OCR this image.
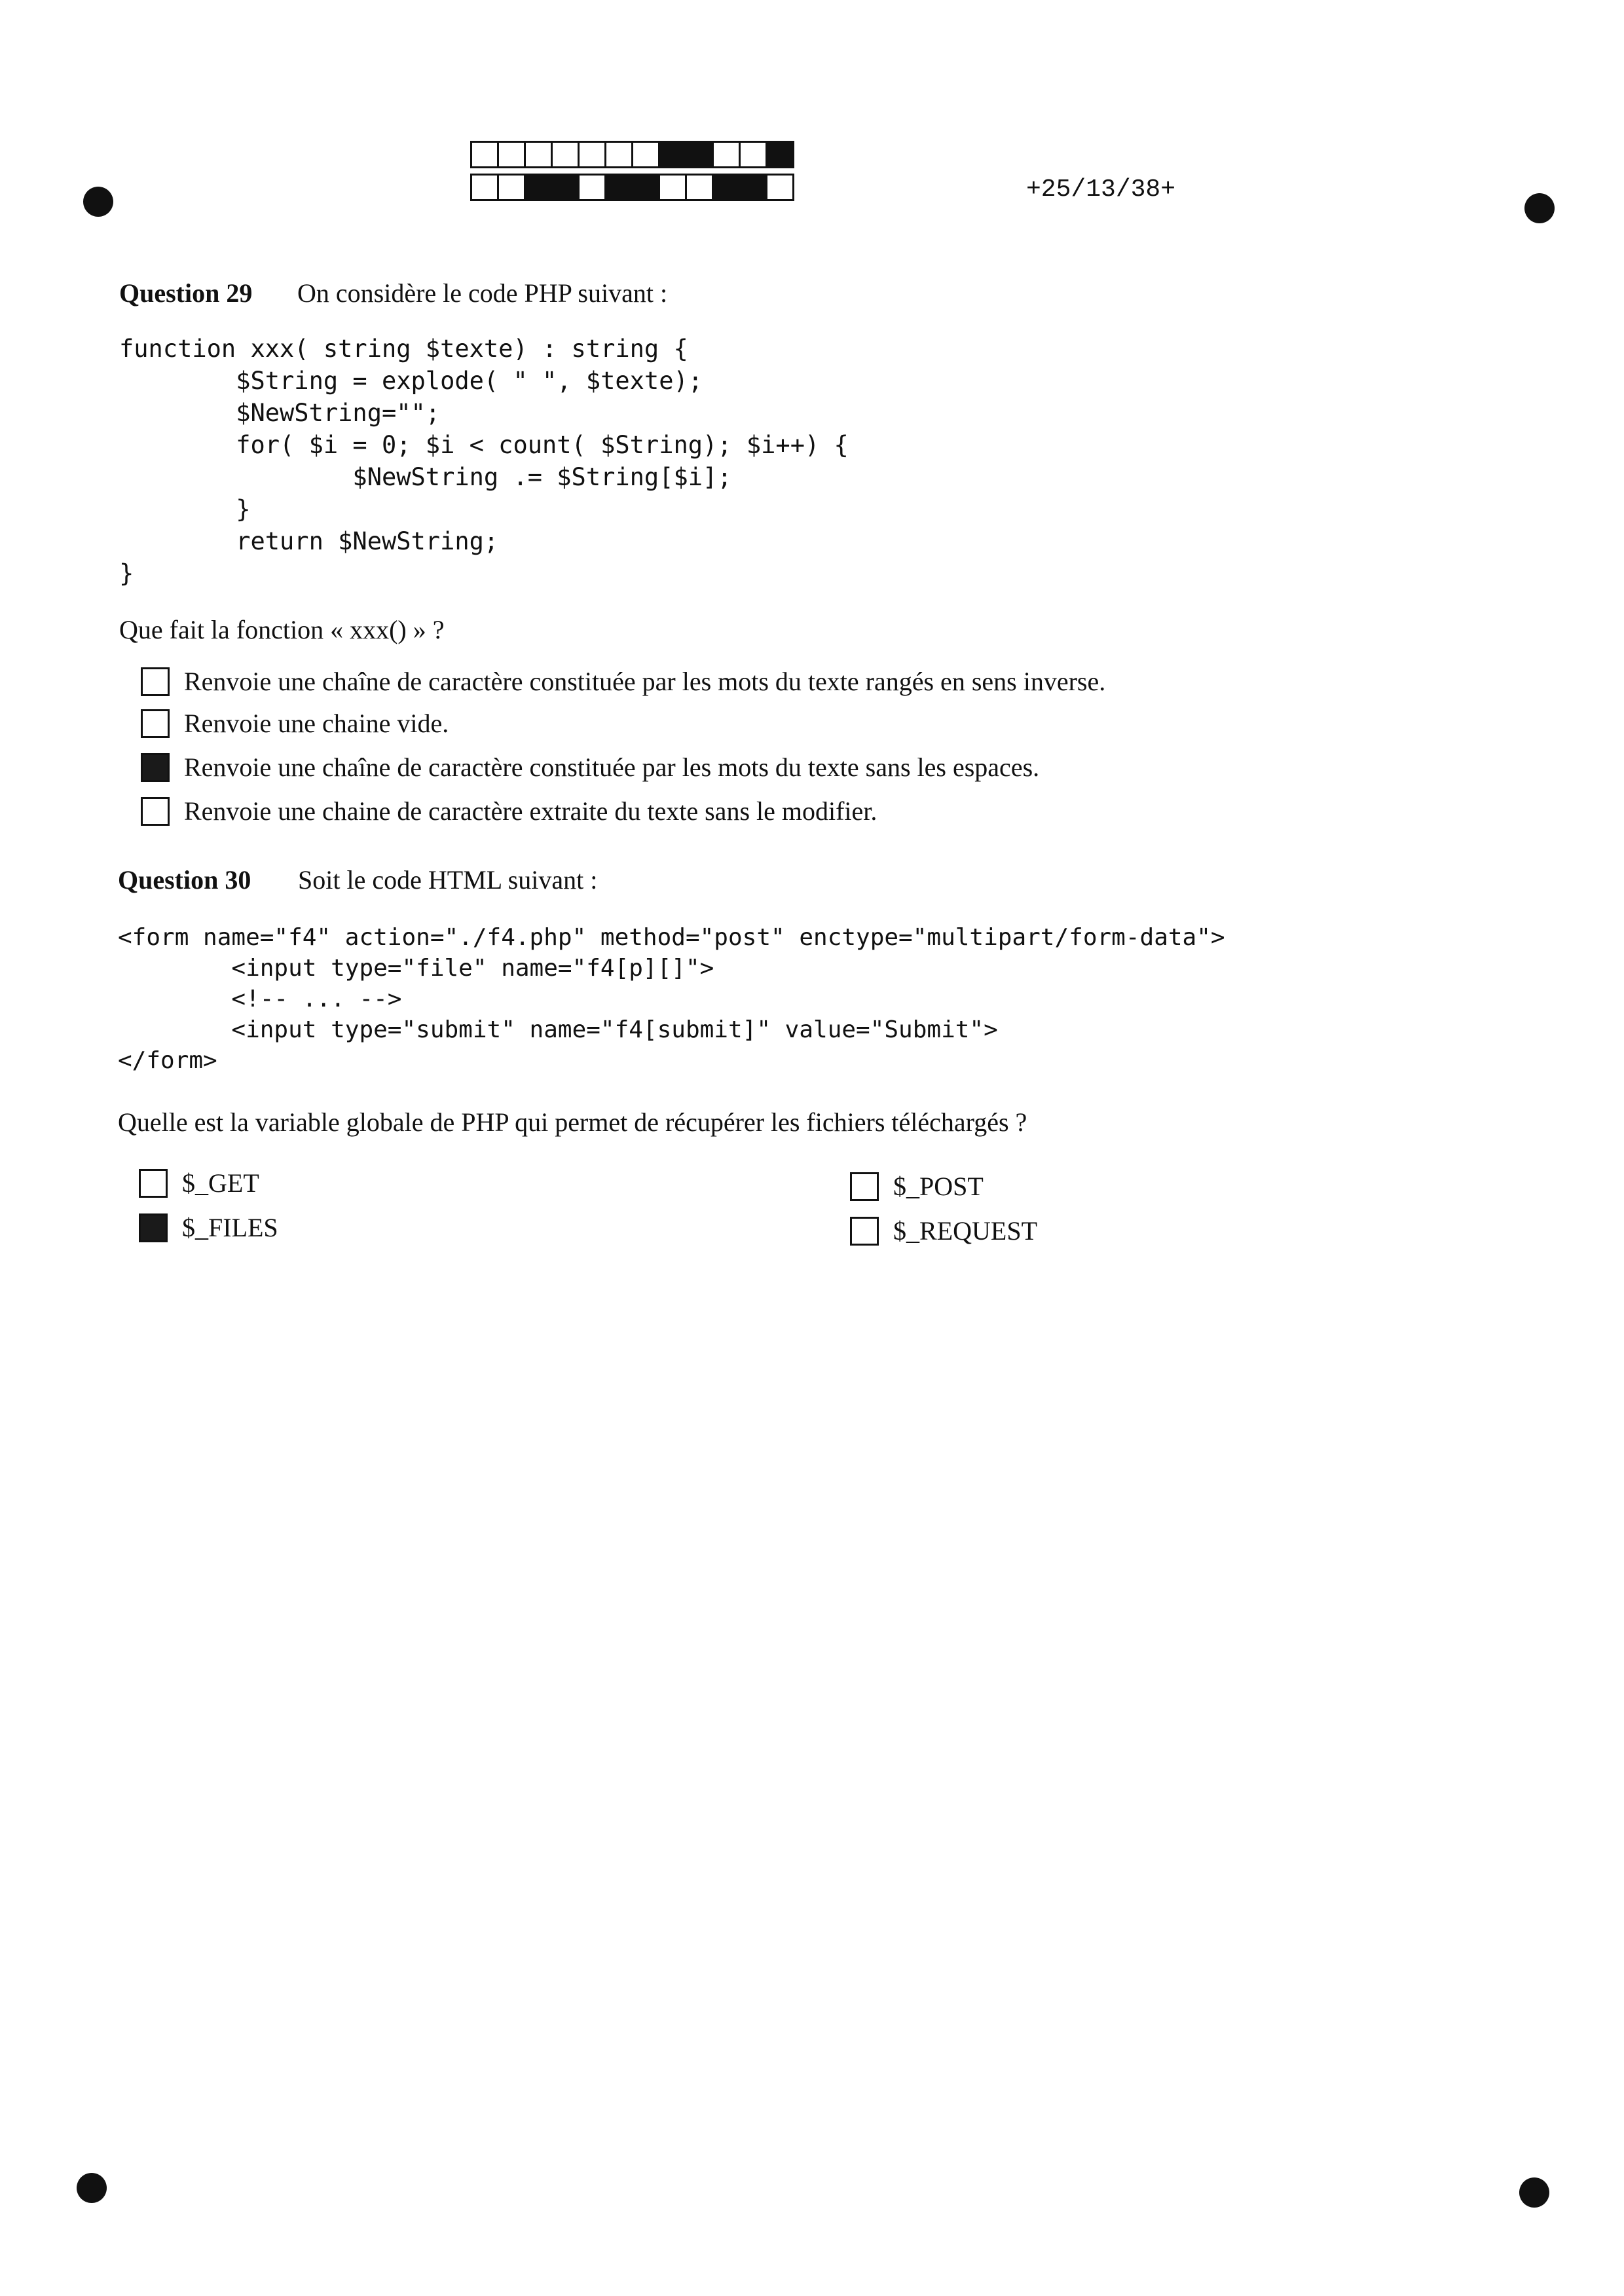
+25/13/38+
Question 29 On considère le code PHP suivant :
function xxx( string $texte) : string {
$String = explode( " ", $texte);
$NewString="";
for( $i = 0; $i < count( $String); $i++) {
$NewString .= $String[$i];
}
return $NewString;
}
Que fait la fonction « xxx() » ?
Renvoie une chaîne de caractère constituée par les mots du texte rangés en sens inverse.
Renvoie une chaine vide.
Renvoie une chaîne de caractère constituée par les mots du texte sans les espaces.
Renvoie une chaine de caractère extraite du texte sans le modifier.
Question 30 Soit le code HTML suivant :
<form name="f4" action="./f4.php" method="post" enctype="multipart/form-data">
<input type="file" name="f4[p][]">
<!-- ... -->
<input type="submit" name="f4[submit]" value="Submit">
</form>
Quelle est la variable globale de PHP qui permet de récupérer les fichiers téléchargés ?
$_GET
$_FILES
$_POST
$_REQUEST
